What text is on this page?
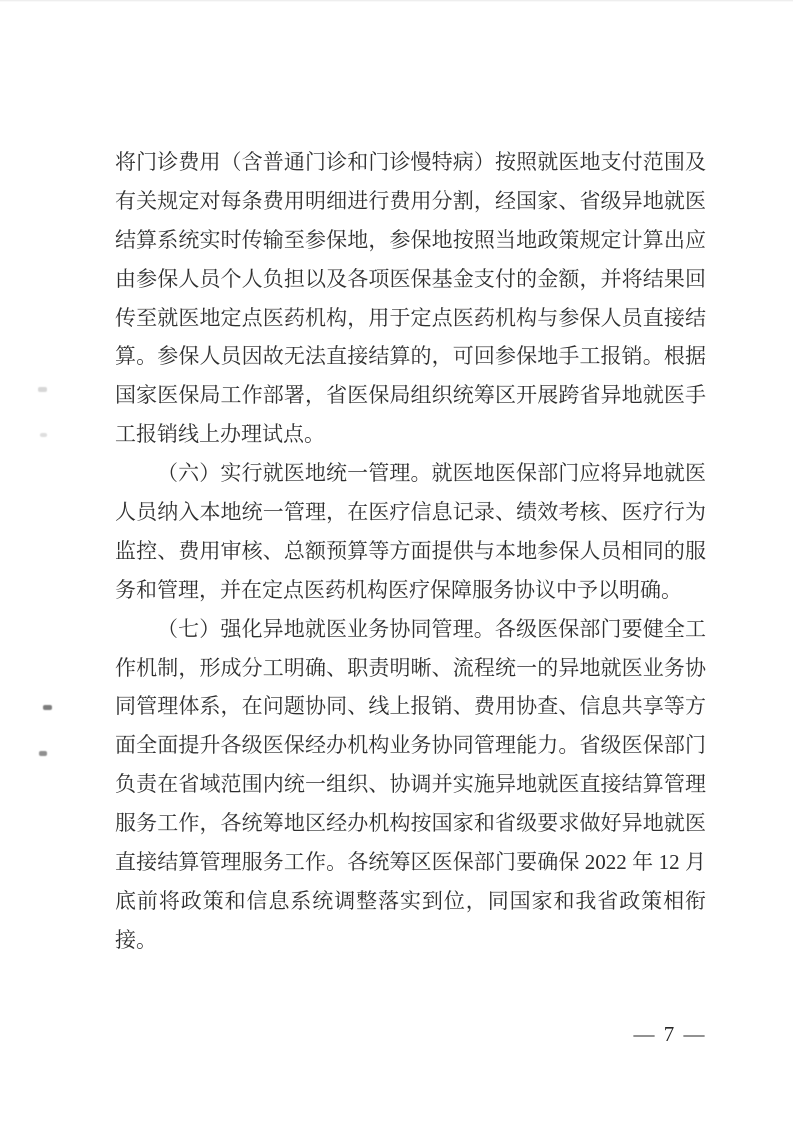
将门诊费用（含普通门诊和门诊慢特病）按照就医地支付范围及
有关规定对每条费用明细进行费用分割，经国家、省级异地就医
结算系统实时传输至参保地，参保地按照当地政策规定计算出应
由参保人员个人负担以及各项医保基金支付的金额，并将结果回
传至就医地定点医药机构，用于定点医药机构与参保人员直接结
算。参保人员因故无法直接结算的，可回参保地手工报销。根据
国家医保局工作部署，省医保局组织统筹区开展跨省异地就医手
工报销线上办理试点。
（六）实行就医地统一管理。就医地医保部门应将异地就医
人员纳入本地统一管理，在医疗信息记录、绩效考核、医疗行为
监控、费用审核、总额预算等方面提供与本地参保人员相同的服
务和管理，并在定点医药机构医疗保障服务协议中予以明确。
（七）强化异地就医业务协同管理。各级医保部门要健全工
作机制，形成分工明确、职责明晰、流程统一的异地就医业务协
同管理体系，在问题协同、线上报销、费用协查、信息共享等方
面全面提升各级医保经办机构业务协同管理能力。省级医保部门
负责在省域范围内统一组织、协调并实施异地就医直接结算管理
服务工作，各统筹地区经办机构按国家和省级要求做好异地就医
直接结算管理服务工作。各统筹区医保部门要确保 2022 年 12 月
底前将政策和信息系统调整落实到位，同国家和我省政策相衔
接。
— 7 —
